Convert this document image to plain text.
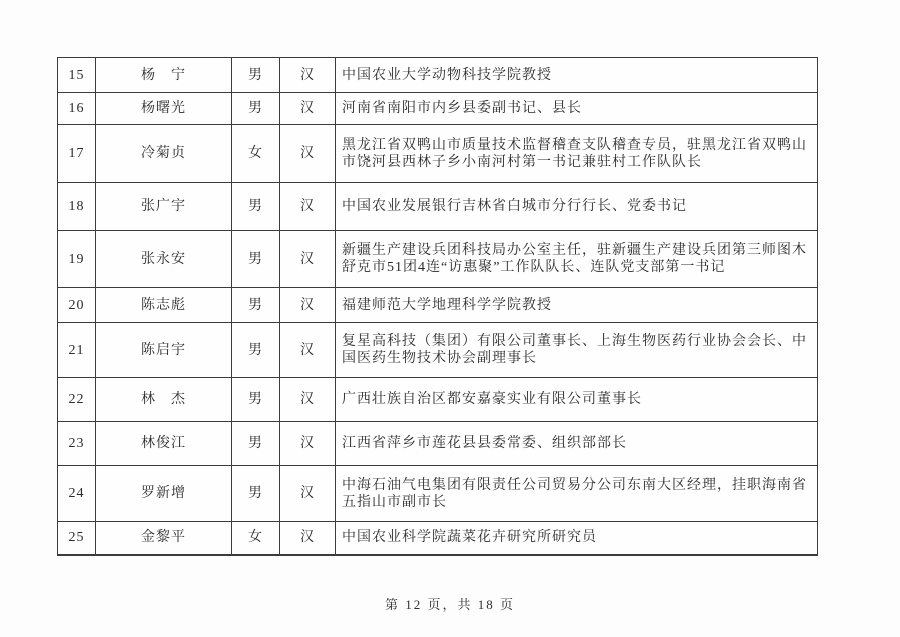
15	杨　宁	男	汉	中国农业大学动物科技学院教授
16	杨曙光	男	汉	河南省南阳市内乡县委副书记、县长
17	冷菊贞	女	汉	黑龙江省双鸭山市质量技术监督稽查支队稽查专员，驻黑龙江省双鸭山市饶河县西林子乡小南河村第一书记兼驻村工作队队长
18	张广宇	男	汉	中国农业发展银行吉林省白城市分行行长、党委书记
19	张永安	男	汉	新疆生产建设兵团科技局办公室主任，驻新疆生产建设兵团第三师图木舒克市51团4连“访惠聚”工作队队长、连队党支部第一书记
20	陈志彪	男	汉	福建师范大学地理科学学院教授
21	陈启宇	男	汉	复星高科技（集团）有限公司董事长、上海生物医药行业协会会长、中国医药生物技术协会副理事长
22	林　杰	男	汉	广西壮族自治区都安嘉豪实业有限公司董事长
23	林俊江	男	汉	江西省萍乡市莲花县县委常委、组织部部长
24	罗新增	男	汉	中海石油气电集团有限责任公司贸易分公司东南大区经理，挂职海南省五指山市副市长
25	金黎平	女	汉	中国农业科学院蔬菜花卉研究所研究员
第 12 页，共 18 页
